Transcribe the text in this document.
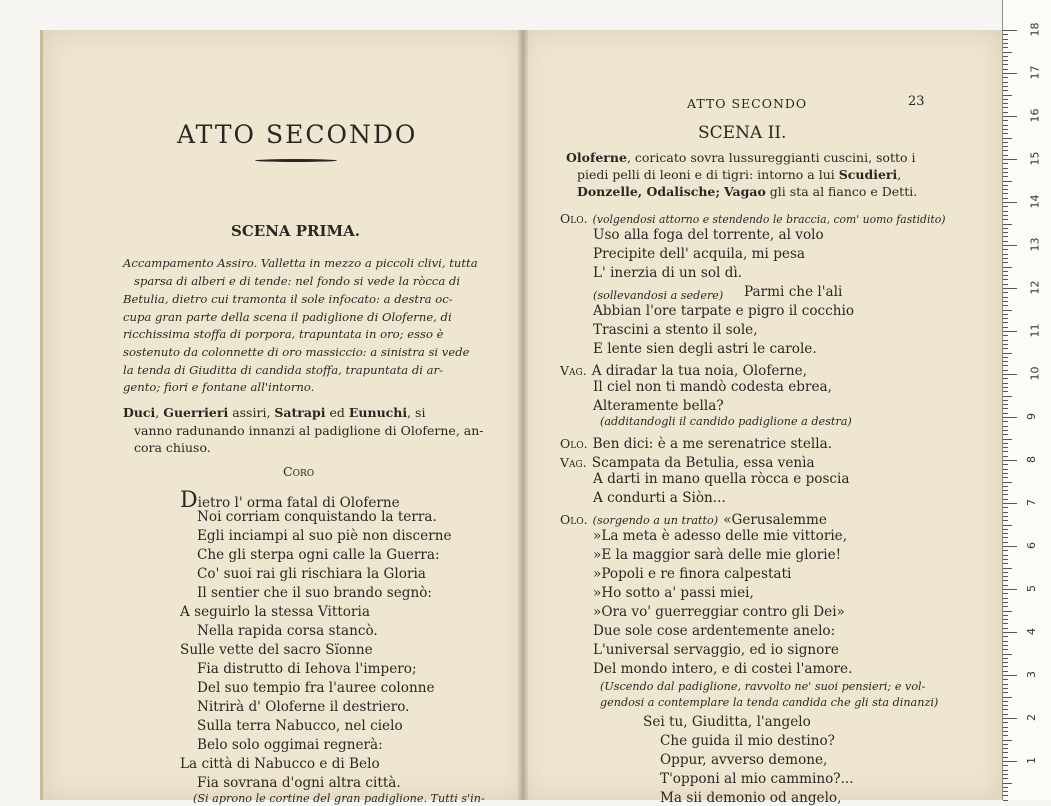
ATTO SECONDO
SCENA PRIMA.
Accampamento Assiro. Valletta in mezzo a piccoli clivi, tutta
sparsa di alberi e di tende: nel fondo si vede la ròcca di
Betulia, dietro cui tramonta il sole infocato: a destra oc-
cupa gran parte della scena il padiglione di Oloferne, di
ricchissima stoffa di porpora, trapuntata in oro; esso è
sostenuto da colonnette di oro massiccio: a sinistra si vede
la tenda di Giuditta di candida stoffa, trapuntata di ar-
gento; fiori e fontane all'intorno.
Duci, Guerrieri assiri, Satrapi ed Eunuchi, si
vanno radunando innanzi al padiglione di Oloferne, an-
cora chiuso.
Coro
Dietro l' orma fatal di Oloferne
Noi corriam conquistando la terra.
Egli inciampi al suo piè non discerne
Che gli sterpa ogni calle la Guerra:
Co' suoi rai gli rischiara la Gloria
Il sentier che il suo brando segnò:
A seguirlo la stessa Vittoria
Nella rapida corsa stancò.
Sulle vette del sacro Sïonne
Fia distrutto di Iehova l'impero;
Del suo tempio fra l'auree colonne
Nitrirà d' Oloferne il destriero.
Sulla terra Nabucco, nel cielo
Belo solo oggimai regnerà:
La città di Nabucco e di Belo
Fia sovrana d'ogni altra città.
(Si aprono le cortine del gran padiglione. Tutti s'in-
ATTO SECONDO	23
SCENA II.
Oloferne, coricato sovra lussureggianti cuscini, sotto i
piedi pelli di leoni e di tigri: intorno a lui Scudieri,
Donzelle, Odalische; Vagao gli sta al fianco e Detti.
Olo. (volgendosi attorno e stendendo le braccia, com' uomo fastidito)
Uso alla foga del torrente, al volo
Precipite dell' acquila, mi pesa
L' inerzia di un sol dì.
(sollevandosi a sedere) Parmi che l'ali
Abbian l'ore tarpate e pigro il cocchio
Trascini a stento il sole,
E lente sien degli astri le carole.
Vag. A diradar la tua noia, Oloferne,
Il ciel non ti mandò codesta ebrea,
Alteramente bella?
(additandogli il candido padiglione a destra)
Olo. Ben dici: è a me serenatrice stella.
Vag. Scampata da Betulia, essa venìa
A darti in mano quella ròcca e poscia
A condurti a Siòn...
Olo. (sorgendo a un tratto) «Gerusalemme
»La meta è adesso delle mie vittorie,
»E la maggior sarà delle mie glorie!
»Popoli e re finora calpestati
»Ho sotto a' passi miei,
»Ora vo' guerreggiar contro gli Dei»
Due sole cose ardentemente anelo:
L'universal servaggio, ed io signore
Del mondo intero, e di costei l'amore.
(Uscendo dal padiglione, ravvolto ne' suoi pensieri; e vol-
gendosi a contemplare la tenda candida che gli sta dinanzi)
Sei tu, Giuditta, l'angelo
Che guida il mio destino?
Oppur, avverso demone,
T'opponi al mio cammino?...
Ma sii demonio od angelo,
18
17
16
15
14
13
12
11
10
9
8
7
6
5
4
3
2
1
